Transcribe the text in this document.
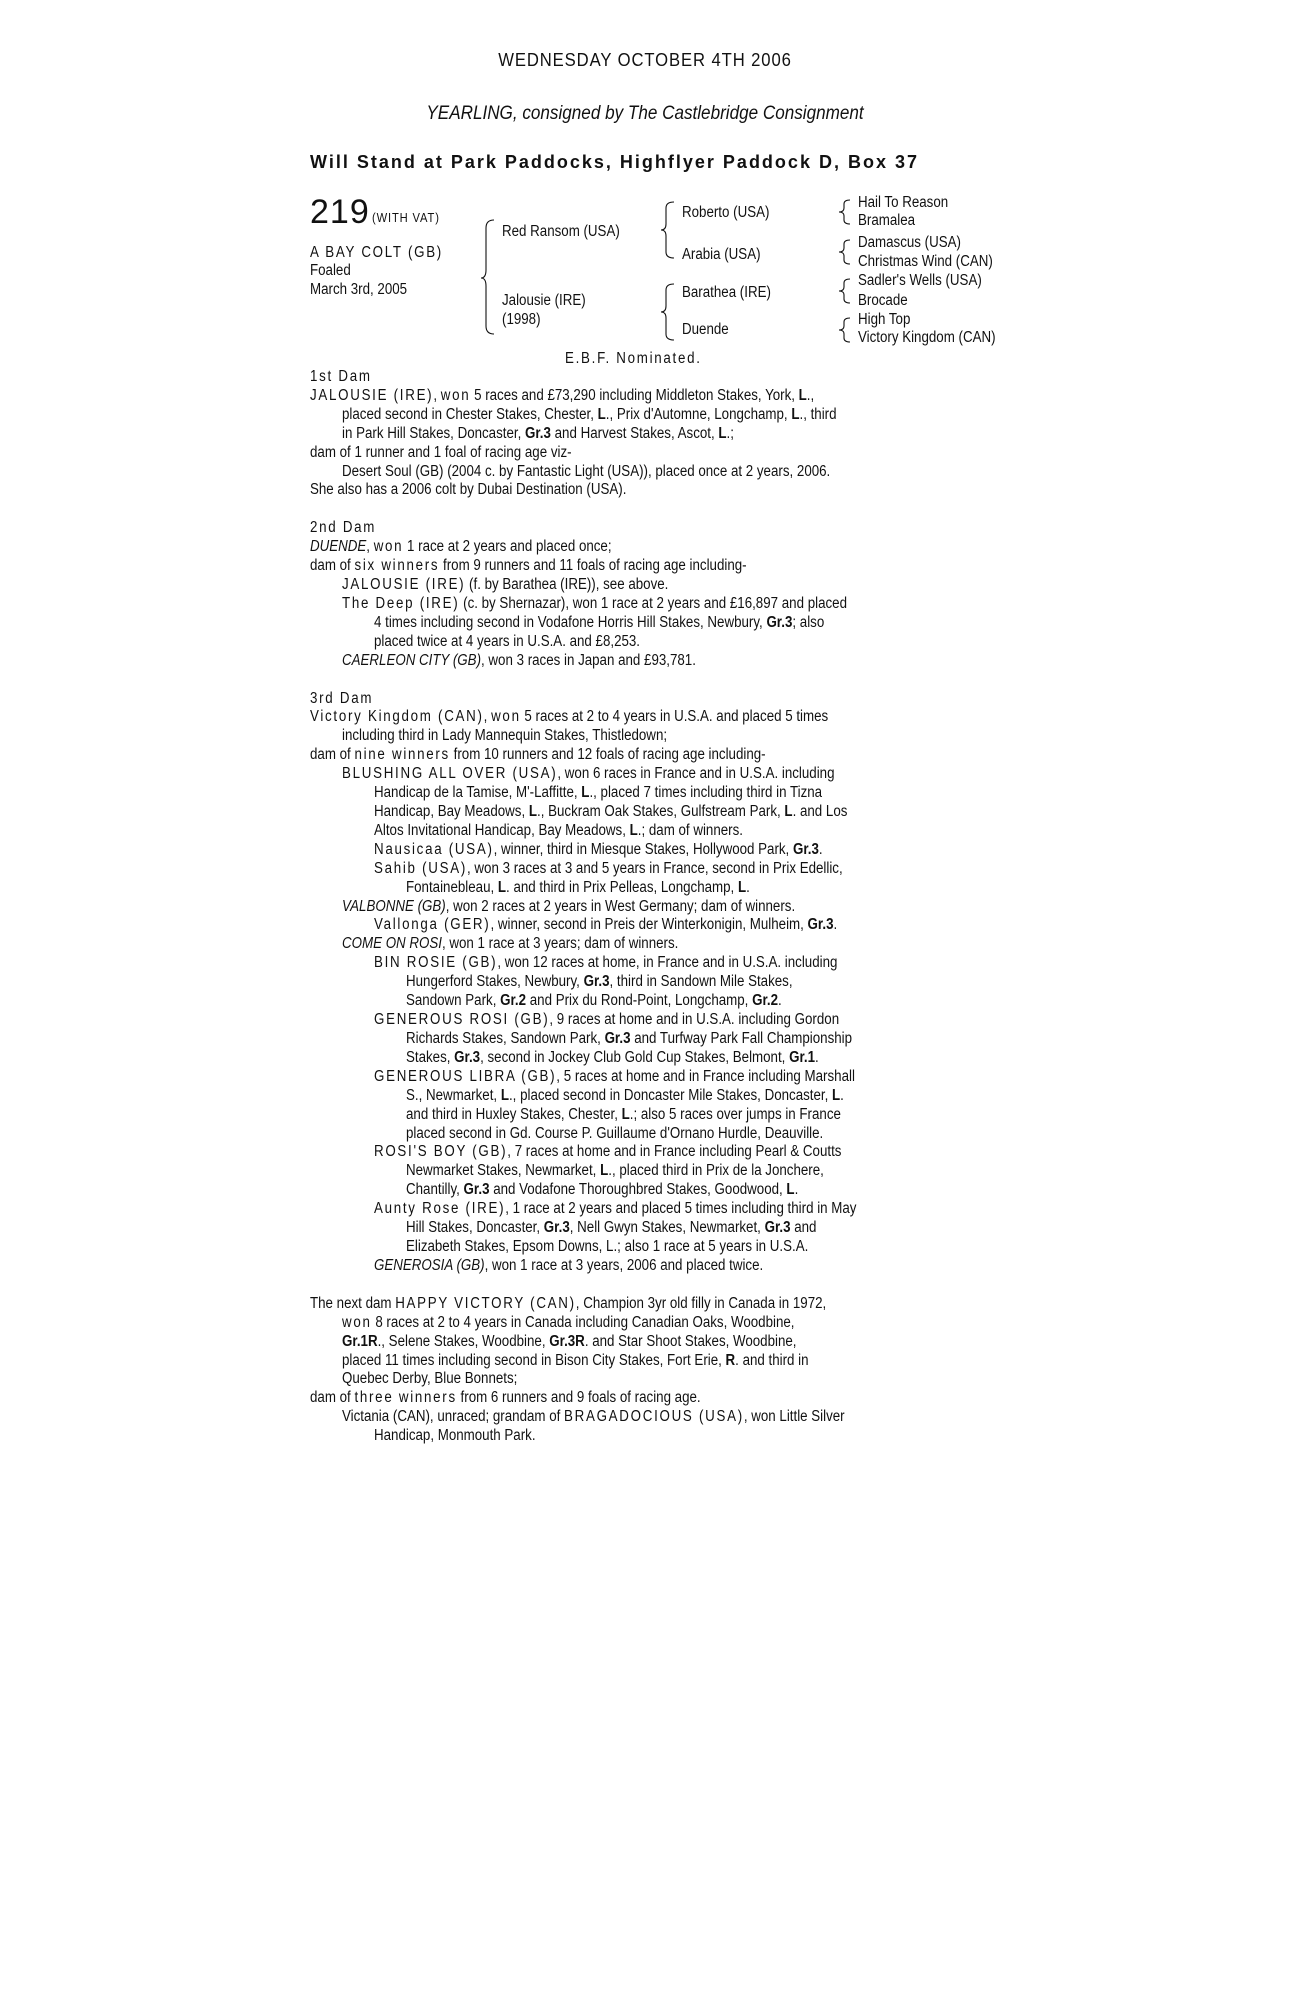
WEDNESDAY OCTOBER 4TH 2006
YEARLING, consigned by The Castlebridge Consignment
Will Stand at Park Paddocks, Highflyer Paddock D, Box 37
219 (WITH VAT)
A BAY COLT (GB)
Foaled
March 3rd, 2005
Red Ransom (USA)
Jalousie (IRE)
(1998)
Roberto (USA)
Arabia (USA)
Barathea (IRE)
Duende
Hail To Reason
Bramalea
Damascus (USA)
Christmas Wind (CAN)
Sadler's Wells (USA)
Brocade
High Top
Victory Kingdom (CAN)
E.B.F. Nominated.
1st Dam
JALOUSIE (IRE), won 5 races and £73,290 including Middleton Stakes, York, L.,
placed second in Chester Stakes, Chester, L., Prix d'Automne, Longchamp, L., third
in Park Hill Stakes, Doncaster, Gr.3 and Harvest Stakes, Ascot, L.;
dam of 1 runner and 1 foal of racing age viz-
Desert Soul (GB) (2004 c. by Fantastic Light (USA)), placed once at 2 years, 2006.
She also has a 2006 colt by Dubai Destination (USA).
2nd Dam
DUENDE, won 1 race at 2 years and placed once;
dam of six winners from 9 runners and 11 foals of racing age including-
JALOUSIE (IRE) (f. by Barathea (IRE)), see above.
The Deep (IRE) (c. by Shernazar), won 1 race at 2 years and £16,897 and placed
4 times including second in Vodafone Horris Hill Stakes, Newbury, Gr.3; also
placed twice at 4 years in U.S.A. and £8,253.
CAERLEON CITY (GB), won 3 races in Japan and £93,781.
3rd Dam
Victory Kingdom (CAN), won 5 races at 2 to 4 years in U.S.A. and placed 5 times
including third in Lady Mannequin Stakes, Thistledown;
dam of nine winners from 10 runners and 12 foals of racing age including-
BLUSHING ALL OVER (USA), won 6 races in France and in U.S.A. including
Handicap de la Tamise, M'-Laffitte, L., placed 7 times including third in Tizna
Handicap, Bay Meadows, L., Buckram Oak Stakes, Gulfstream Park, L. and Los
Altos Invitational Handicap, Bay Meadows, L.; dam of winners.
Nausicaa (USA), winner, third in Miesque Stakes, Hollywood Park, Gr.3.
Sahib (USA), won 3 races at 3 and 5 years in France, second in Prix Edellic,
Fontainebleau, L. and third in Prix Pelleas, Longchamp, L.
VALBONNE (GB), won 2 races at 2 years in West Germany; dam of winners.
Vallonga (GER), winner, second in Preis der Winterkonigin, Mulheim, Gr.3.
COME ON ROSI, won 1 race at 3 years; dam of winners.
BIN ROSIE (GB), won 12 races at home, in France and in U.S.A. including
Hungerford Stakes, Newbury, Gr.3, third in Sandown Mile Stakes,
Sandown Park, Gr.2 and Prix du Rond-Point, Longchamp, Gr.2.
GENEROUS ROSI (GB), 9 races at home and in U.S.A. including Gordon
Richards Stakes, Sandown Park, Gr.3 and Turfway Park Fall Championship
Stakes, Gr.3, second in Jockey Club Gold Cup Stakes, Belmont, Gr.1.
GENEROUS LIBRA (GB), 5 races at home and in France including Marshall
S., Newmarket, L., placed second in Doncaster Mile Stakes, Doncaster, L.
and third in Huxley Stakes, Chester, L.; also 5 races over jumps in France
placed second in Gd. Course P. Guillaume d'Ornano Hurdle, Deauville.
ROSI'S BOY (GB), 7 races at home and in France including Pearl & Coutts
Newmarket Stakes, Newmarket, L., placed third in Prix de la Jonchere,
Chantilly, Gr.3 and Vodafone Thoroughbred Stakes, Goodwood, L.
Aunty Rose (IRE), 1 race at 2 years and placed 5 times including third in May
Hill Stakes, Doncaster, Gr.3, Nell Gwyn Stakes, Newmarket, Gr.3 and
Elizabeth Stakes, Epsom Downs, L.; also 1 race at 5 years in U.S.A.
GENEROSIA (GB), won 1 race at 3 years, 2006 and placed twice.
The next dam HAPPY VICTORY (CAN), Champion 3yr old filly in Canada in 1972,
won 8 races at 2 to 4 years in Canada including Canadian Oaks, Woodbine,
Gr.1R., Selene Stakes, Woodbine, Gr.3R. and Star Shoot Stakes, Woodbine,
placed 11 times including second in Bison City Stakes, Fort Erie, R. and third in
Quebec Derby, Blue Bonnets;
dam of three winners from 6 runners and 9 foals of racing age.
Victania (CAN), unraced; grandam of BRAGADOCIOUS (USA), won Little Silver
Handicap, Monmouth Park.
